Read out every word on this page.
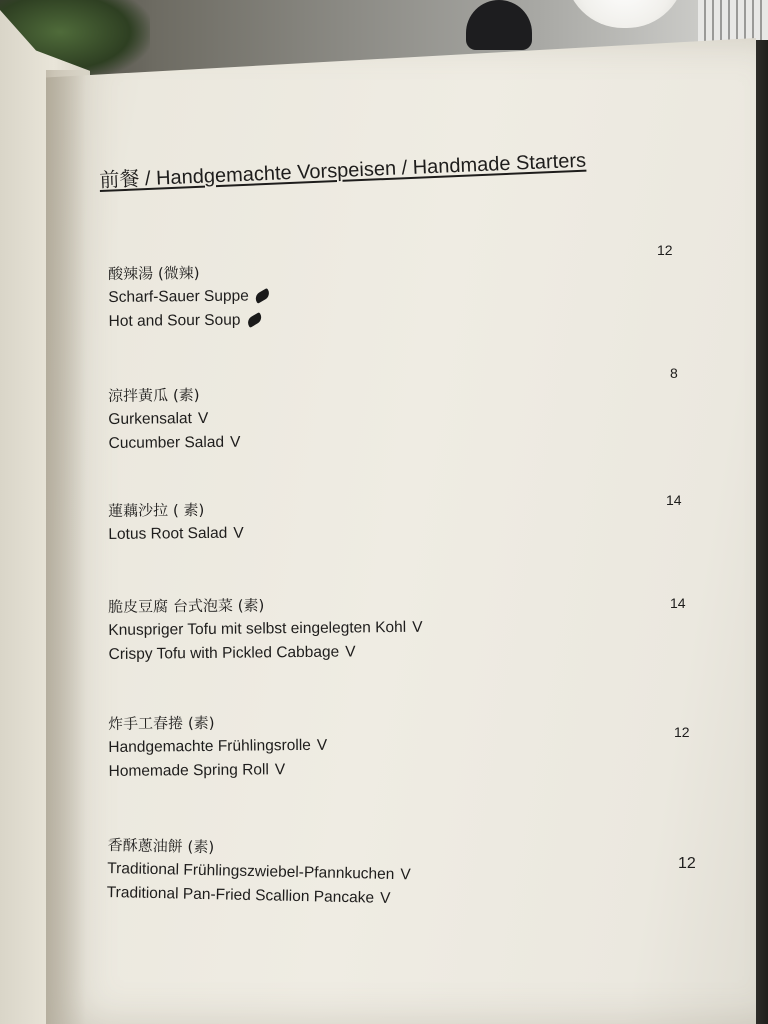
前餐 / Handgemachte Vorspeisen / Handmade Starters
酸辣湯 (微辣)
Scharf-Sauer Suppe
Hot and Sour Soup
12
涼拌黃瓜 (素)
Gurkensalat V
Cucumber Salad V
8
蓮藕沙拉 ( 素)
Lotus Root Salad V
14
脆皮豆腐 台式泡菜 (素)
Knuspriger Tofu mit selbst eingelegten Kohl V
Crispy Tofu with Pickled Cabbage V
14
炸手工春捲 (素)
Handgemachte Frühlingsrolle V
Homemade Spring Roll V
12
香酥蔥油餅 (素)
Traditional Frühlingszwiebel-Pfannkuchen V
Traditional Pan-Fried Scallion Pancake V
12
